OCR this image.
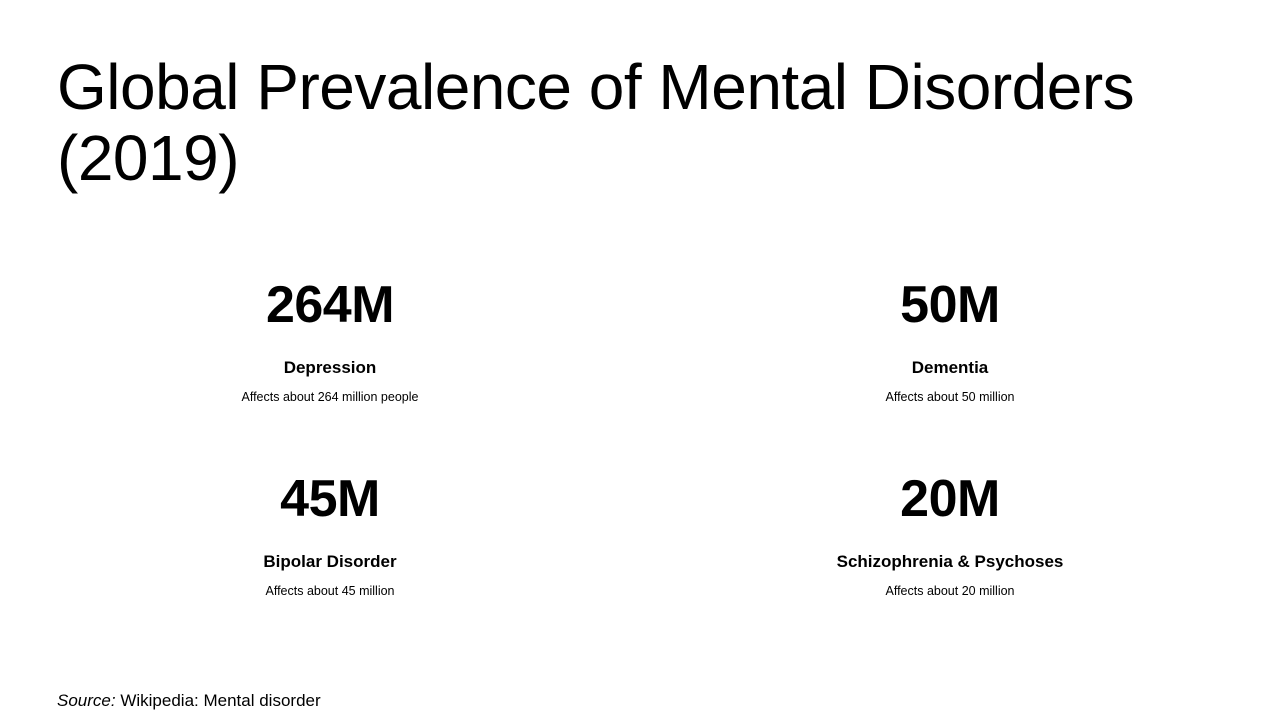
Global Prevalence of Mental Disorders (2019)
264M
Depression
Affects about 264 million people
50M
Dementia
Affects about 50 million
45M
Bipolar Disorder
Affects about 45 million
20M
Schizophrenia & Psychoses
Affects about 20 million
Source: Wikipedia: Mental disorder
